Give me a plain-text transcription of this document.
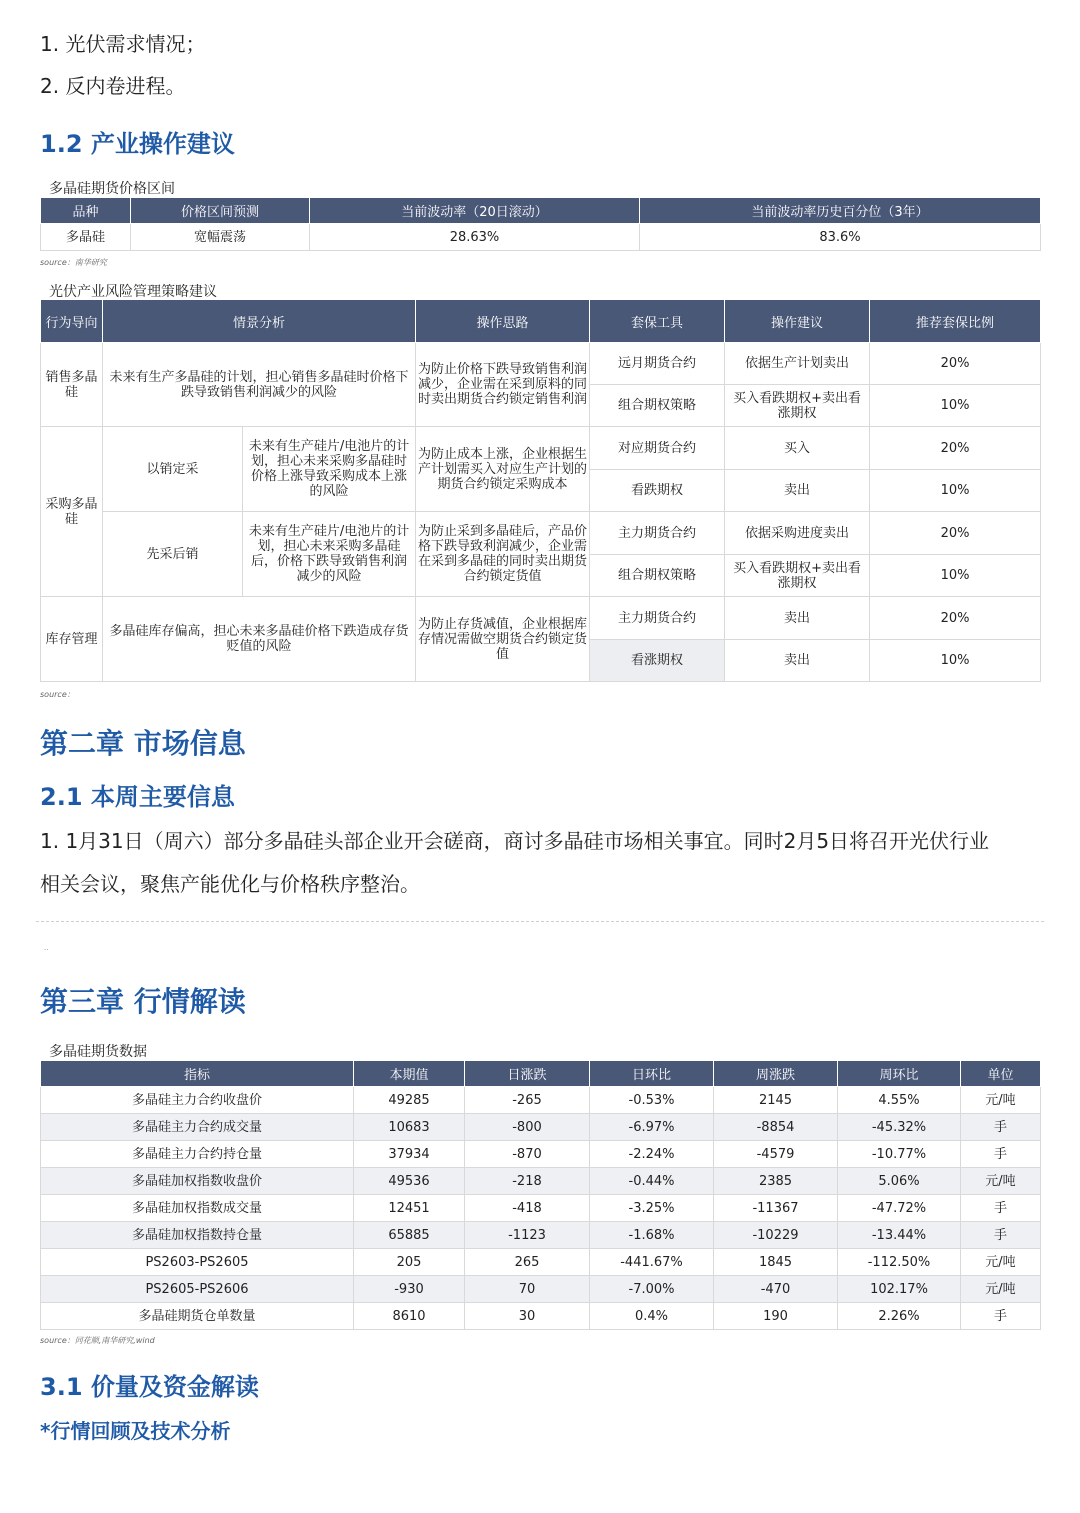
1. 光伏需求情况；

2. 反内卷进程。

1.2 产业操作建议
多晶硅期货价格区间
品种	价格区间预测	当前波动率（20日滚动）	当前波动率历史百分位（3年）
多晶硅	宽幅震荡	28.63%	83.6%
source：南华研究
光伏产业风险管理策略建议
行为导向	情景分析		操作思路	套保工具	操作建议	推荐套保比例
销售多晶硅	未来有生产多晶硅的计划，担心销售多晶硅时价格下跌导致销售利润减少的风险		为防止价格下跌导致销售利润减少，企业需在采到原料的同时卖出期货合约锁定销售利润	远月期货合约	依据生产计划卖出	20%
				组合期权策略	买入看跌期权+卖出看涨期权	10%
采购多晶硅	以销定采	未来有生产硅片/电池片的计划，担心未来采购多晶硅时价格上涨导致采购成本上涨的风险	为防止成本上涨，企业根据生产计划需买入对应生产计划的期货合约锁定采购成本	对应期货合约	买入	20%
				看跌期权	卖出	10%
	先采后销	未来有生产硅片/电池片的计划，担心未来采购多晶硅后，价格下跌导致销售利润减少的风险	为防止采到多晶硅后，产品价格下跌导致利润减少，企业需在采到多晶硅的同时卖出期货合约锁定货值	主力期货合约	依据采购进度卖出	20%
				组合期权策略	买入看跌期权+卖出看涨期权	10%
库存管理	多晶硅库存偏高，担心未来多晶硅价格下跌造成存货贬值的风险		为防止存货减值，企业根据库存情况需做空期货合约锁定货值	主力期货合约	卖出	20%
				看涨期权	卖出	10%
source：
第二章 市场信息
2.1 本周主要信息

1. 1月31日（周六）部分多晶硅头部企业开会磋商，商讨多晶硅市场相关事宜。同时2月5日将召开光伏行业

相关会议，聚焦产能优化与价格秩序整治。

..
第三章 行情解读
多晶硅期货数据
指标	本期值	日涨跌	日环比	周涨跌	周环比	单位
多晶硅主力合约收盘价	49285	-265	-0.53%	2145	4.55%	元/吨
多晶硅主力合约成交量	10683	-800	-6.97%	-8854	-45.32%	手
多晶硅主力合约持仓量	37934	-870	-2.24%	-4579	-10.77%	手
多晶硅加权指数收盘价	49536	-218	-0.44%	2385	5.06%	元/吨
多晶硅加权指数成交量	12451	-418	-3.25%	-11367	-47.72%	手
多晶硅加权指数持仓量	65885	-1123	-1.68%	-10229	-13.44%	手
PS2603-PS2605	205	265	-441.67%	1845	-112.50%	元/吨
PS2605-PS2606	-930	70	-7.00%	-470	102.17%	元/吨
多晶硅期货仓单数量	8610	30	0.4%	190	2.26%	手
source：同花顺,南华研究,wind
3.1 价量及资金解读
*行情回顾及技术分析
